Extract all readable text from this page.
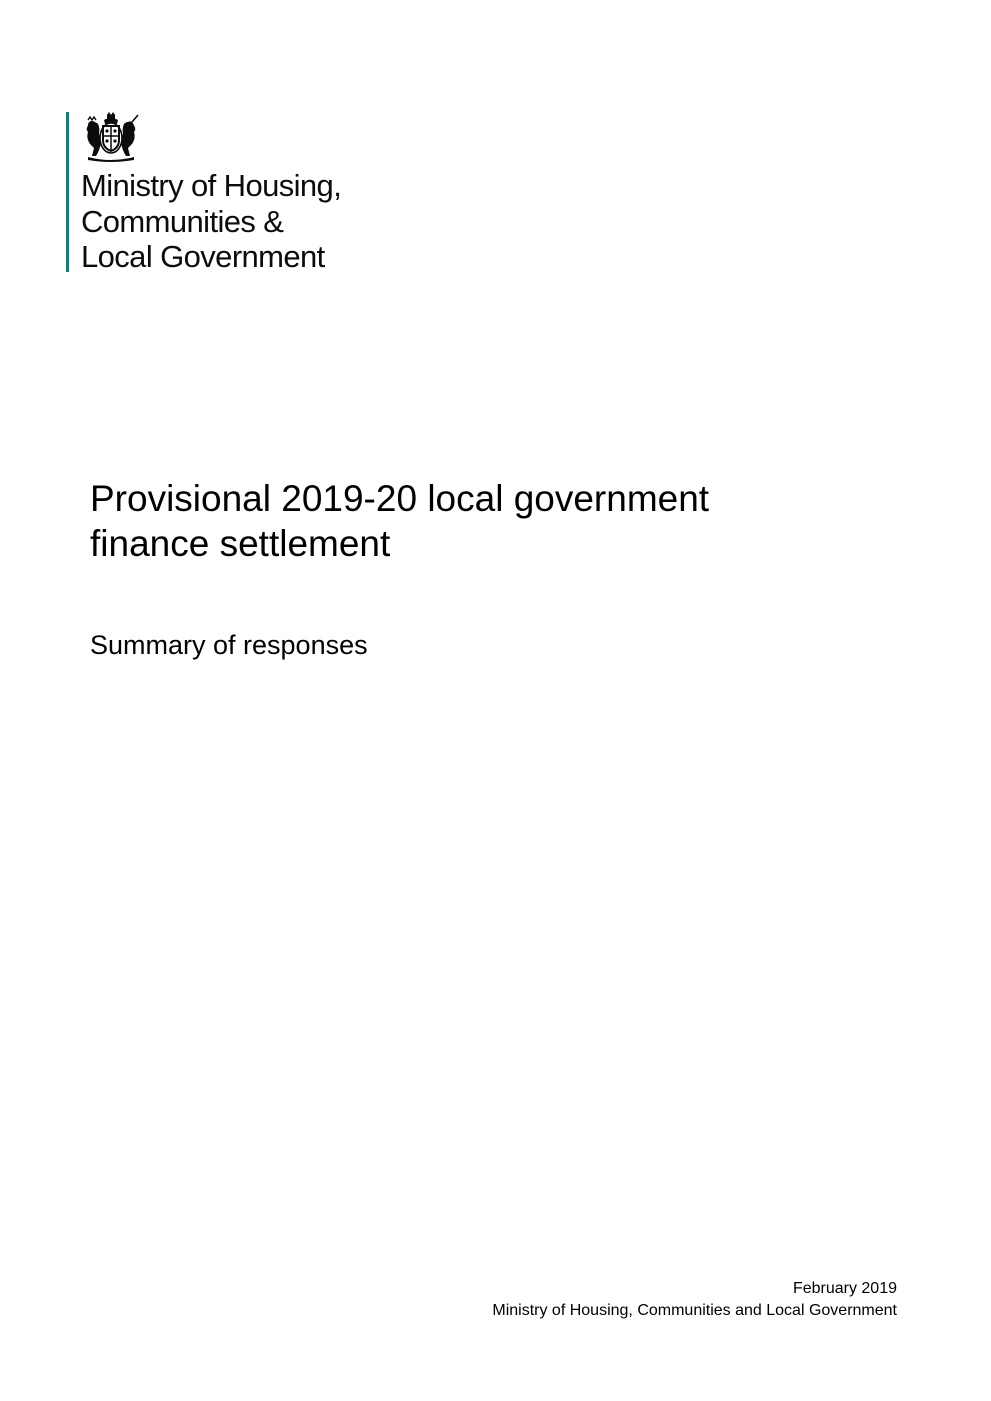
Ministry of Housing,
Communities &
Local Government
Provisional 2019-20 local government
finance settlement

Summary of responses

February 2019
Ministry of Housing, Communities and Local Government
